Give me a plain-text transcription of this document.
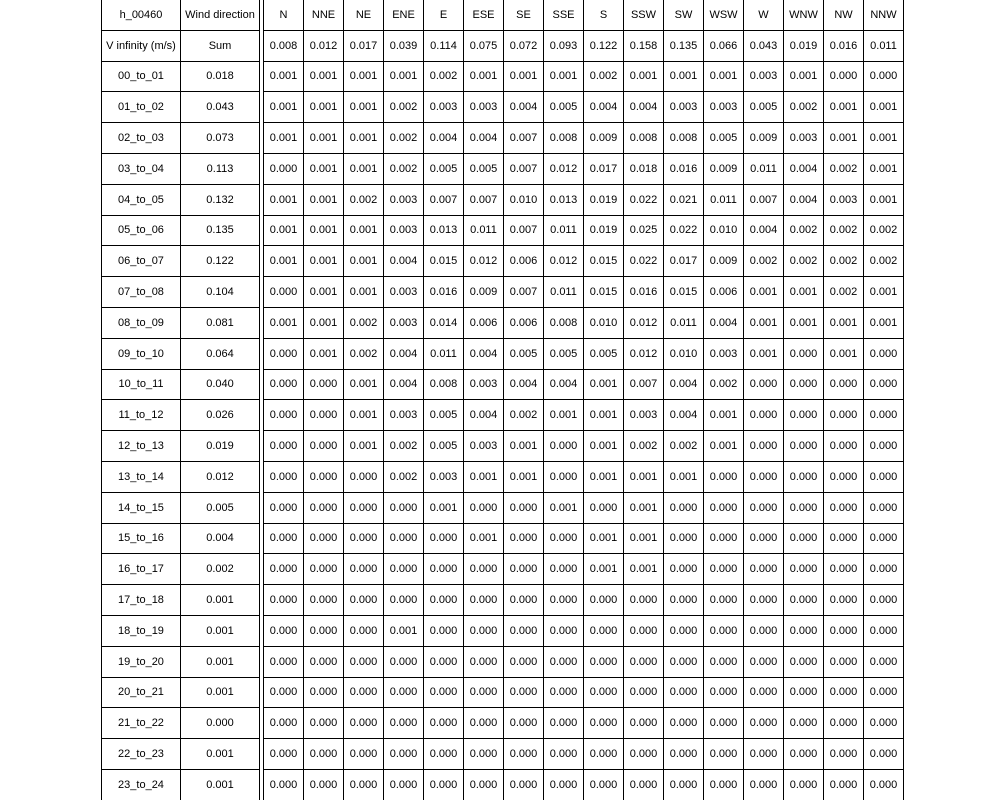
h_00460	Wind direction		N	NNE	NE	ENE	E	ESE	SE	SSE	S	SSW	SW	WSW	W	WNW	NW	NNW
V infinity (m/s)	Sum		0.008	0.012	0.017	0.039	0.114	0.075	0.072	0.093	0.122	0.158	0.135	0.066	0.043	0.019	0.016	0.011
00_to_01	0.018		0.001	0.001	0.001	0.001	0.002	0.001	0.001	0.001	0.002	0.001	0.001	0.001	0.003	0.001	0.000	0.000
01_to_02	0.043		0.001	0.001	0.001	0.002	0.003	0.003	0.004	0.005	0.004	0.004	0.003	0.003	0.005	0.002	0.001	0.001
02_to_03	0.073		0.001	0.001	0.001	0.002	0.004	0.004	0.007	0.008	0.009	0.008	0.008	0.005	0.009	0.003	0.001	0.001
03_to_04	0.113		0.000	0.001	0.001	0.002	0.005	0.005	0.007	0.012	0.017	0.018	0.016	0.009	0.011	0.004	0.002	0.001
04_to_05	0.132		0.001	0.001	0.002	0.003	0.007	0.007	0.010	0.013	0.019	0.022	0.021	0.011	0.007	0.004	0.003	0.001
05_to_06	0.135		0.001	0.001	0.001	0.003	0.013	0.011	0.007	0.011	0.019	0.025	0.022	0.010	0.004	0.002	0.002	0.002
06_to_07	0.122		0.001	0.001	0.001	0.004	0.015	0.012	0.006	0.012	0.015	0.022	0.017	0.009	0.002	0.002	0.002	0.002
07_to_08	0.104		0.000	0.001	0.001	0.003	0.016	0.009	0.007	0.011	0.015	0.016	0.015	0.006	0.001	0.001	0.002	0.001
08_to_09	0.081		0.001	0.001	0.002	0.003	0.014	0.006	0.006	0.008	0.010	0.012	0.011	0.004	0.001	0.001	0.001	0.001
09_to_10	0.064		0.000	0.001	0.002	0.004	0.011	0.004	0.005	0.005	0.005	0.012	0.010	0.003	0.001	0.000	0.001	0.000
10_to_11	0.040		0.000	0.000	0.001	0.004	0.008	0.003	0.004	0.004	0.001	0.007	0.004	0.002	0.000	0.000	0.000	0.000
11_to_12	0.026		0.000	0.000	0.001	0.003	0.005	0.004	0.002	0.001	0.001	0.003	0.004	0.001	0.000	0.000	0.000	0.000
12_to_13	0.019		0.000	0.000	0.001	0.002	0.005	0.003	0.001	0.000	0.001	0.002	0.002	0.001	0.000	0.000	0.000	0.000
13_to_14	0.012		0.000	0.000	0.000	0.002	0.003	0.001	0.001	0.000	0.001	0.001	0.001	0.000	0.000	0.000	0.000	0.000
14_to_15	0.005		0.000	0.000	0.000	0.000	0.001	0.000	0.000	0.001	0.000	0.001	0.000	0.000	0.000	0.000	0.000	0.000
15_to_16	0.004		0.000	0.000	0.000	0.000	0.000	0.001	0.000	0.000	0.001	0.001	0.000	0.000	0.000	0.000	0.000	0.000
16_to_17	0.002		0.000	0.000	0.000	0.000	0.000	0.000	0.000	0.000	0.001	0.001	0.000	0.000	0.000	0.000	0.000	0.000
17_to_18	0.001		0.000	0.000	0.000	0.000	0.000	0.000	0.000	0.000	0.000	0.000	0.000	0.000	0.000	0.000	0.000	0.000
18_to_19	0.001		0.000	0.000	0.000	0.001	0.000	0.000	0.000	0.000	0.000	0.000	0.000	0.000	0.000	0.000	0.000	0.000
19_to_20	0.001		0.000	0.000	0.000	0.000	0.000	0.000	0.000	0.000	0.000	0.000	0.000	0.000	0.000	0.000	0.000	0.000
20_to_21	0.001		0.000	0.000	0.000	0.000	0.000	0.000	0.000	0.000	0.000	0.000	0.000	0.000	0.000	0.000	0.000	0.000
21_to_22	0.000		0.000	0.000	0.000	0.000	0.000	0.000	0.000	0.000	0.000	0.000	0.000	0.000	0.000	0.000	0.000	0.000
22_to_23	0.001		0.000	0.000	0.000	0.000	0.000	0.000	0.000	0.000	0.000	0.000	0.000	0.000	0.000	0.000	0.000	0.000
23_to_24	0.001		0.000	0.000	0.000	0.000	0.000	0.000	0.000	0.000	0.000	0.000	0.000	0.000	0.000	0.000	0.000	0.000
